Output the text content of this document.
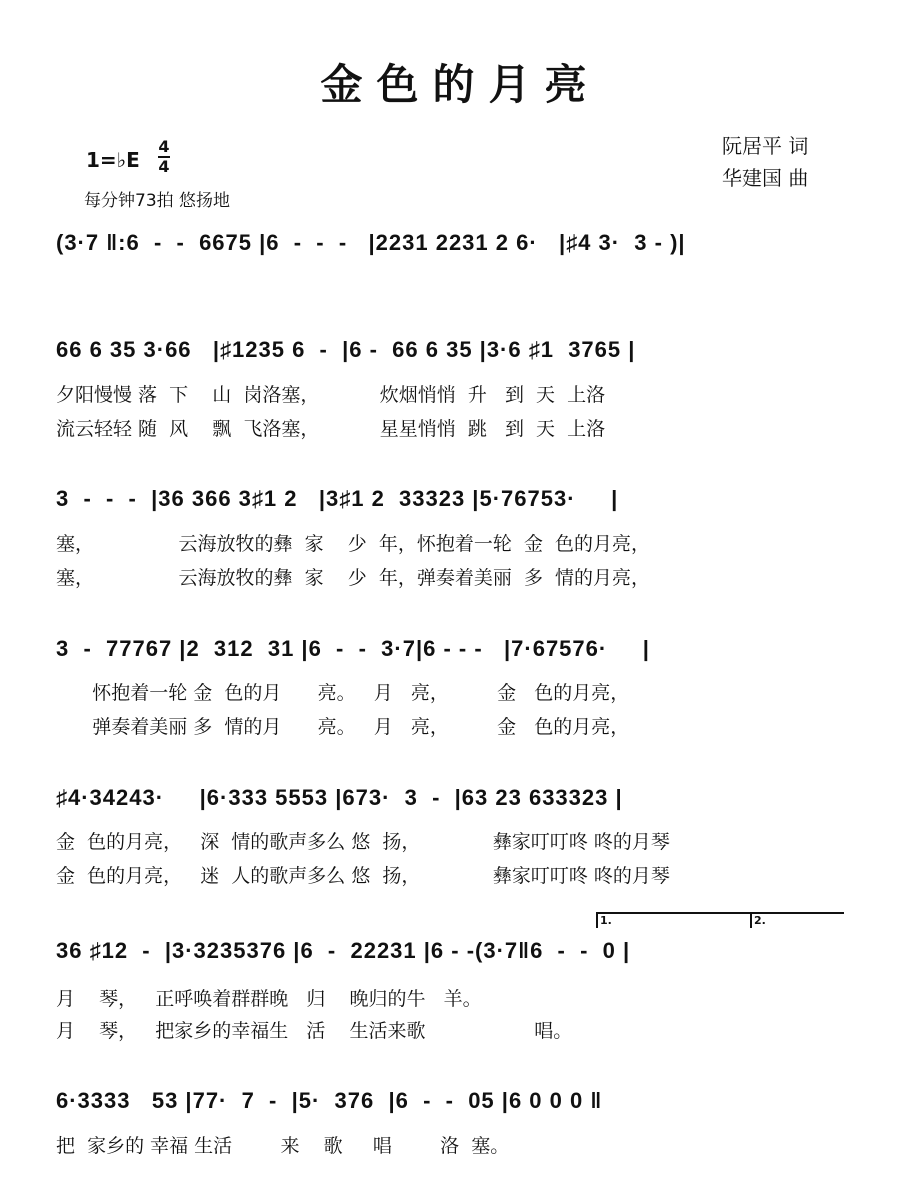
金色的月亮
1=♭E
4
4
每分钟73拍 悠扬地
阮居平 词
华建国 曲
(3·7 ‖:6  -  -  6675 |6  -  -  -   |2231 2231 2 6·   |♯4 3·  3 - )|
66 6 35 3·66   |♯1235 6  -  |6 -  66 6 35 |3·6 ♯1  3765 |
夕阳慢慢 落  下    山  岗洛塞，          炊烟悄悄  升   到  天  上洛
流云轻轻 随  风    飘  飞洛塞，          星星悄悄  跳   到  天  上洛
3  -  -  -  |36 366 3♯1 2   |3♯1 2  33323 |5·76753·     |
塞，              云海放牧的彝  家    少  年，怀抱着一轮  金  色的月亮，
塞，              云海放牧的彝  家    少  年，弹奏着美丽  多  情的月亮，
3  -  77767 |2  312  31 |6  -  -  3·7|6 - - -   |7·67576·     |
怀抱着一轮 金  色的月      亮。   月   亮，        金   色的月亮，
弹奏着美丽 多  情的月      亮。   月   亮，        金   色的月亮，
♯4·34243·     |6·333 5553 |673·  3  -  |63 23 633323 |
金  色的月亮，   深  情的歌声多么 悠  扬，            彝家叮叮咚 咚的月琴
金  色的月亮，   迷  人的歌声多么 悠  扬，            彝家叮叮咚 咚的月琴
1.	2.
36 ♯12  -  |3·3235376 |6  -  22231 |6 - -(3·7‖6  -  -  0 |
月    琴，   正呼唤着群群晚   归    晚归的牛   羊。
月    琴，   把家乡的幸福生   活    生活来歌                  唱。
6·3333   53 |77·  7  -  |5·  376  |6  -  -  05 |6 0 0 0 ‖
把  家乡的 幸福 生活        来    歌     唱        洛  塞。
